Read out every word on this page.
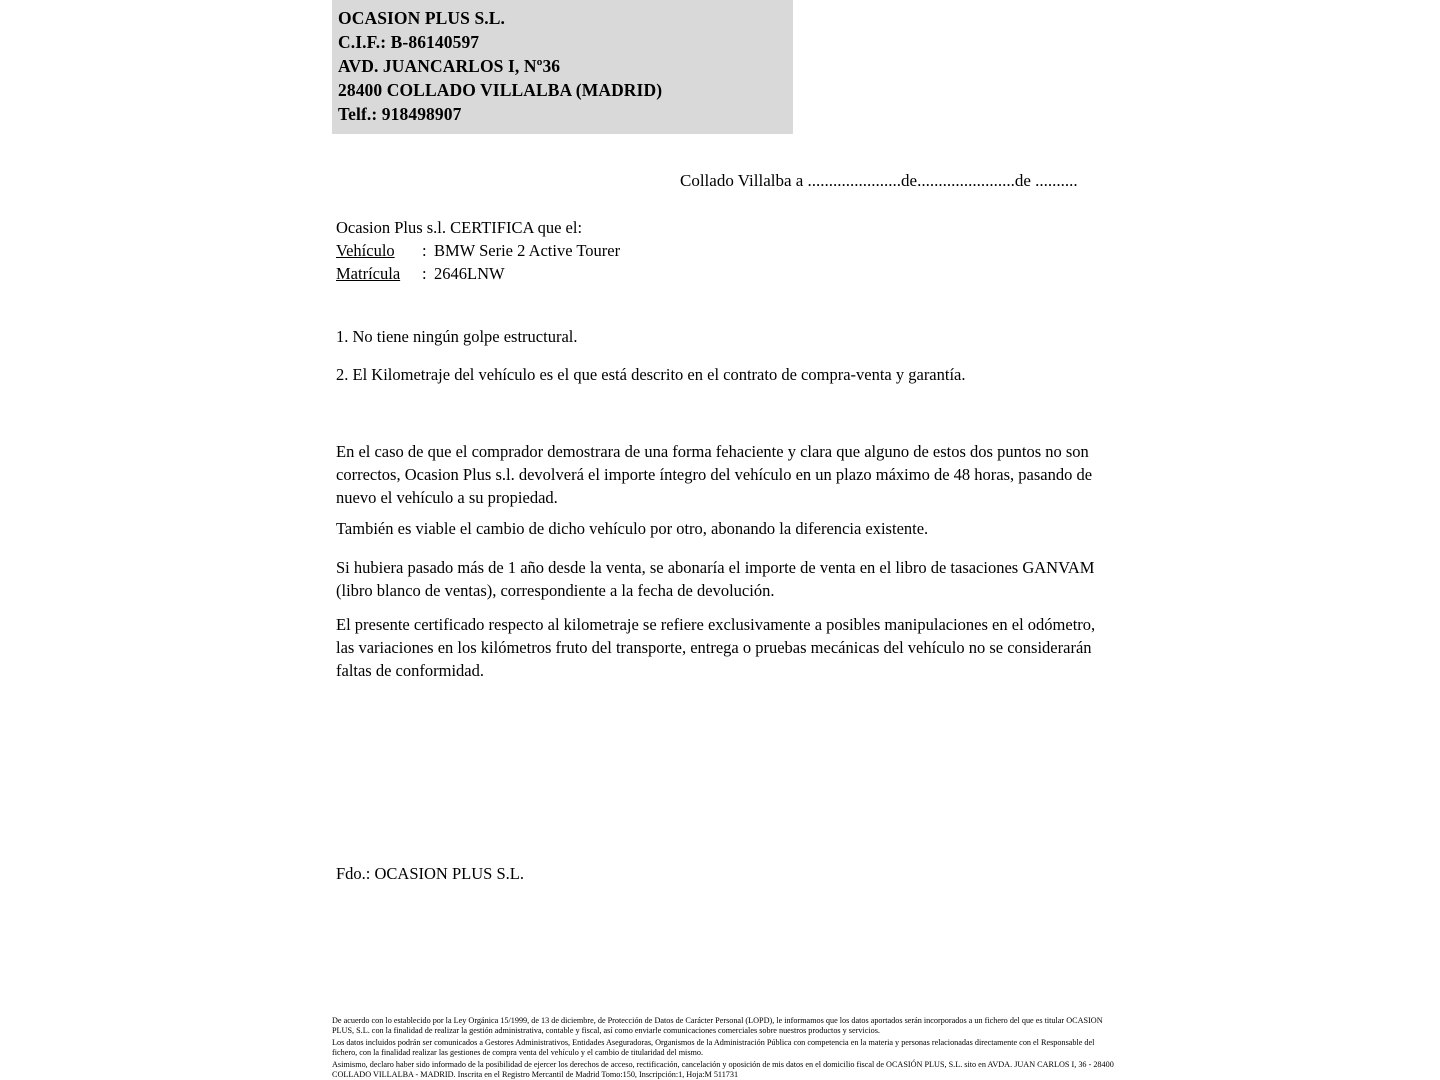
OCASION PLUS S.L.
C.I.F.: B-86140597
AVD. JUANCARLOS I, Nº36
28400 COLLADO VILLALBA (MADRID)
Telf.: 918498907
Collado Villalba a ......................de.......................de ..........
Ocasion Plus s.l. CERTIFICA que el:
Vehículo	: BMW Serie 2 Active Tourer
Matrícula	: 2646LNW
1. No tiene ningún golpe estructural.
2. El Kilometraje del vehículo es el que está descrito en el contrato de compra-venta y garantía.
En el caso de que el comprador demostrara de una forma fehaciente y clara que alguno de estos dos puntos no son correctos, Ocasion Plus s.l. devolverá el importe íntegro del vehículo en un plazo máximo de 48 horas, pasando de nuevo el vehículo a su propiedad.
También es viable el cambio de dicho vehículo por otro, abonando la diferencia existente.
Si hubiera pasado más de 1 año desde la venta, se abonaría el importe de venta en el libro de tasaciones GANVAM (libro blanco de ventas), correspondiente a la fecha de devolución.
El presente certificado respecto al kilometraje se refiere exclusivamente a posibles manipulaciones en el odómetro, las variaciones en los kilómetros fruto del transporte, entrega o pruebas mecánicas del vehículo no se considerarán faltas de conformidad.
Fdo.: OCASION PLUS S.L.

De acuerdo con lo establecido por la Ley Orgánica 15/1999, de 13 de diciembre, de Protección de Datos de Carácter Personal (LOPD), le informamos que los datos aportados serán incorporados a un fichero del que es titular OCASION PLUS, S.L. con la finalidad de realizar la gestión administrativa, contable y fiscal, así como enviarle comunicaciones comerciales sobre nuestros productos y servicios.

Los datos incluidos podrán ser comunicados a Gestores Administrativos, Entidades Aseguradoras, Organismos de la Administración Pública con competencia en la materia y personas relacionadas directamente con el Responsable del fichero, con la finalidad realizar las gestiones de compra venta del vehículo y el cambio de titularidad del mismo.

Asimismo, declaro haber sido informado de la posibilidad de ejercer los derechos de acceso, rectificación, cancelación y oposición de mis datos en el domicilio fiscal de OCASIÓN PLUS, S.L. sito en AVDA. JUAN CARLOS I, 36 - 28400 COLLADO VILLALBA - MADRID. Inscrita en el Registro Mercantil de Madrid Tomo:150, Inscripción:1, Hoja:M 511731
